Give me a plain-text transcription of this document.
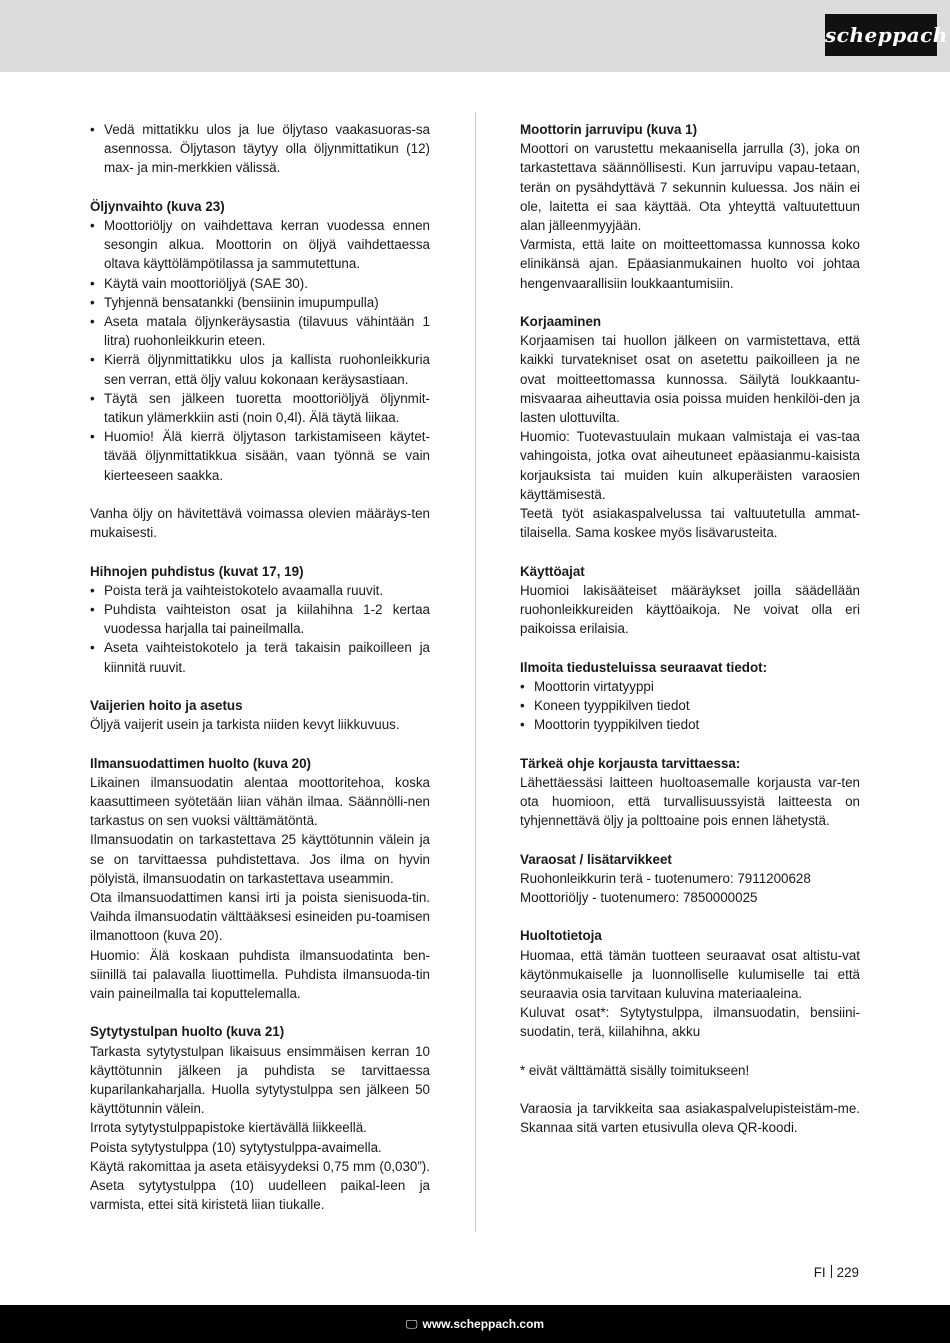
scheppach
• Vedä mittatikku ulos ja lue öljytaso vaakasuoras-sa asennossa. Öljytason täytyy olla öljynmittatikun (12) max- ja min-merkkien välissä.
Öljynvaihto (kuva 23)
• Moottoriöljy on vaihdettava kerran vuodessa ennen sesongin alkua. Moottorin on öljyä vaihdettaessa oltava käyttölämpötilassa ja sammutettuna.
• Käytä vain moottoriöljyä (SAE 30).
• Tyhjennä bensatankki (bensiinin imupumpulla)
• Aseta matala öljynkeräysastia (tilavuus vähintään 1 litra) ruohonleikkurin eteen.
• Kierrä öljynmittatikku ulos ja kallista ruohonleikkuria sen verran, että öljy valuu kokonaan keräysastiaan.
• Täytä sen jälkeen tuoretta moottoriöljyä öljynmit-tatikun ylämerkkiin asti (noin 0,4l). Älä täytä liikaa.
• Huomio! Älä kierrä öljytason tarkistamiseen käytet-tävää öljynmittatikkua sisään, vaan työnnä se vain kierteeseen saakka.

Vanha öljy on hävitettävä voimassa olevien määräys-ten mukaisesti.

Hihnojen puhdistus (kuvat 17, 19)
• Poista terä ja vaihteistokotelo avaamalla ruuvit.
• Puhdista vaihteiston osat ja kiilahihna 1-2 kertaa vuodessa harjalla tai paineilmalla.
• Aseta vaihteistokotelo ja terä takaisin paikoilleen ja kiinnitä ruuvit.
Vaijerien hoito ja asetus

Öljyä vaijerit usein ja tarkista niiden kevyt liikkuvuus.

Ilmansuodattimen huolto (kuva 20)

Likainen ilmansuodatin alentaa moottoritehoa, koska kaasuttimeen syötetään liian vähän ilmaa. Säännölli-nen tarkastus on sen vuoksi välttämätöntä.

Ilmansuodatin on tarkastettava 25 käyttötunnin välein ja se on tarvittaessa puhdistettava. Jos ilma on hyvin pölyistä, ilmansuodatin on tarkastettava useammin.

Ota ilmansuodattimen kansi irti ja poista sienisuoda-tin. Vaihda ilmansuodatin välttääksesi esineiden pu-toamisen ilmanottoon (kuva 20).

Huomio: Älä koskaan puhdista ilmansuodatinta ben-siinillä tai palavalla liuottimella. Puhdista ilmansuoda-tin vain paineilmalla tai koputtelemalla.

Sytytystulpan huolto (kuva 21)

Tarkasta sytytystulpan likaisuus ensimmäisen kerran 10 käyttötunnin jälkeen ja puhdista se tarvittaessa kuparilankaharjalla. Huolla sytytystulppa sen jälkeen 50 käyttötunnin välein.

Irrota sytytystulppapistoke kiertävällä liikkeellä.

Poista sytytystulppa (10) sytytystulppa-avaimella.

Käytä rakomittaa ja aseta etäisyydeksi 0,75 mm (0,030”). Aseta sytytystulppa (10) uudelleen paikal-leen ja varmista, ettei sitä kiristetä liian tiukalle.

Moottorin jarruvipu (kuva 1)

Moottori on varustettu mekaanisella jarrulla (3), joka on tarkastettava säännöllisesti. Kun jarruvipu vapau-tetaan, terän on pysähdyttävä 7 sekunnin kuluessa. Jos näin ei ole, laitetta ei saa käyttää. Ota yhteyttä valtuutettuun alan jälleenmyyjään.

Varmista, että laite on moitteettomassa kunnossa koko elinikänsä ajan. Epäasianmukainen huolto voi johtaa hengenvaarallisiin loukkaantumisiin.

Korjaaminen

Korjaamisen tai huollon jälkeen on varmistettava, että kaikki turvatekniset osat on asetettu paikoilleen ja ne ovat moitteettomassa kunnossa. Säilytä loukkaantu-misvaaraa aiheuttavia osia poissa muiden henkilöi-den ja lasten ulottuvilta.

Huomio: Tuotevastuulain mukaan valmistaja ei vas-taa vahingoista, jotka ovat aiheutuneet epäasianmu-kaisista korjauksista tai muiden kuin alkuperäisten varaosien käyttämisestä.

Teetä työt asiakaspalvelussa tai valtuutetulla ammat-tilaisella. Sama koskee myös lisävarusteita.

Käyttöajat

Huomioi lakisääteiset määräykset joilla säädellään ruohonleikkureiden käyttöaikoja. Ne voivat olla eri paikoissa erilaisia.

Ilmoita tiedusteluissa seuraavat tiedot:
• Moottorin virtatyyppi
• Koneen tyyppikilven tiedot
• Moottorin tyyppikilven tiedot
Tärkeä ohje korjausta tarvittaessa:

Lähettäessäsi laitteen huoltoasemalle korjausta var-ten ota huomioon, että turvallisuussyistä laitteesta on tyhjennettävä öljy ja polttoaine pois ennen lähetystä.

Varaosat / lisätarvikkeet

Ruohonleikkurin terä - tuotenumero: 7911200628

Moottoriöljy - tuotenumero: 7850000025

Huoltotietoja

Huomaa, että tämän tuotteen seuraavat osat altistu-vat käytönmukaiselle ja luonnolliselle kulumiselle tai että seuraavia osia tarvitaan kuluvina materiaaleina.

Kuluvat osat*: Sytytystulppa, ilmansuodatin, bensiini-suodatin, terä, kiilahihna, akku

* eivät välttämättä sisälly toimitukseen!

Varaosia ja tarvikkeita saa asiakaspalvelupisteistäm-me. Skannaa sitä varten etusivulla oleva QR-koodi.

FI 229
🖵 www.scheppach.com
